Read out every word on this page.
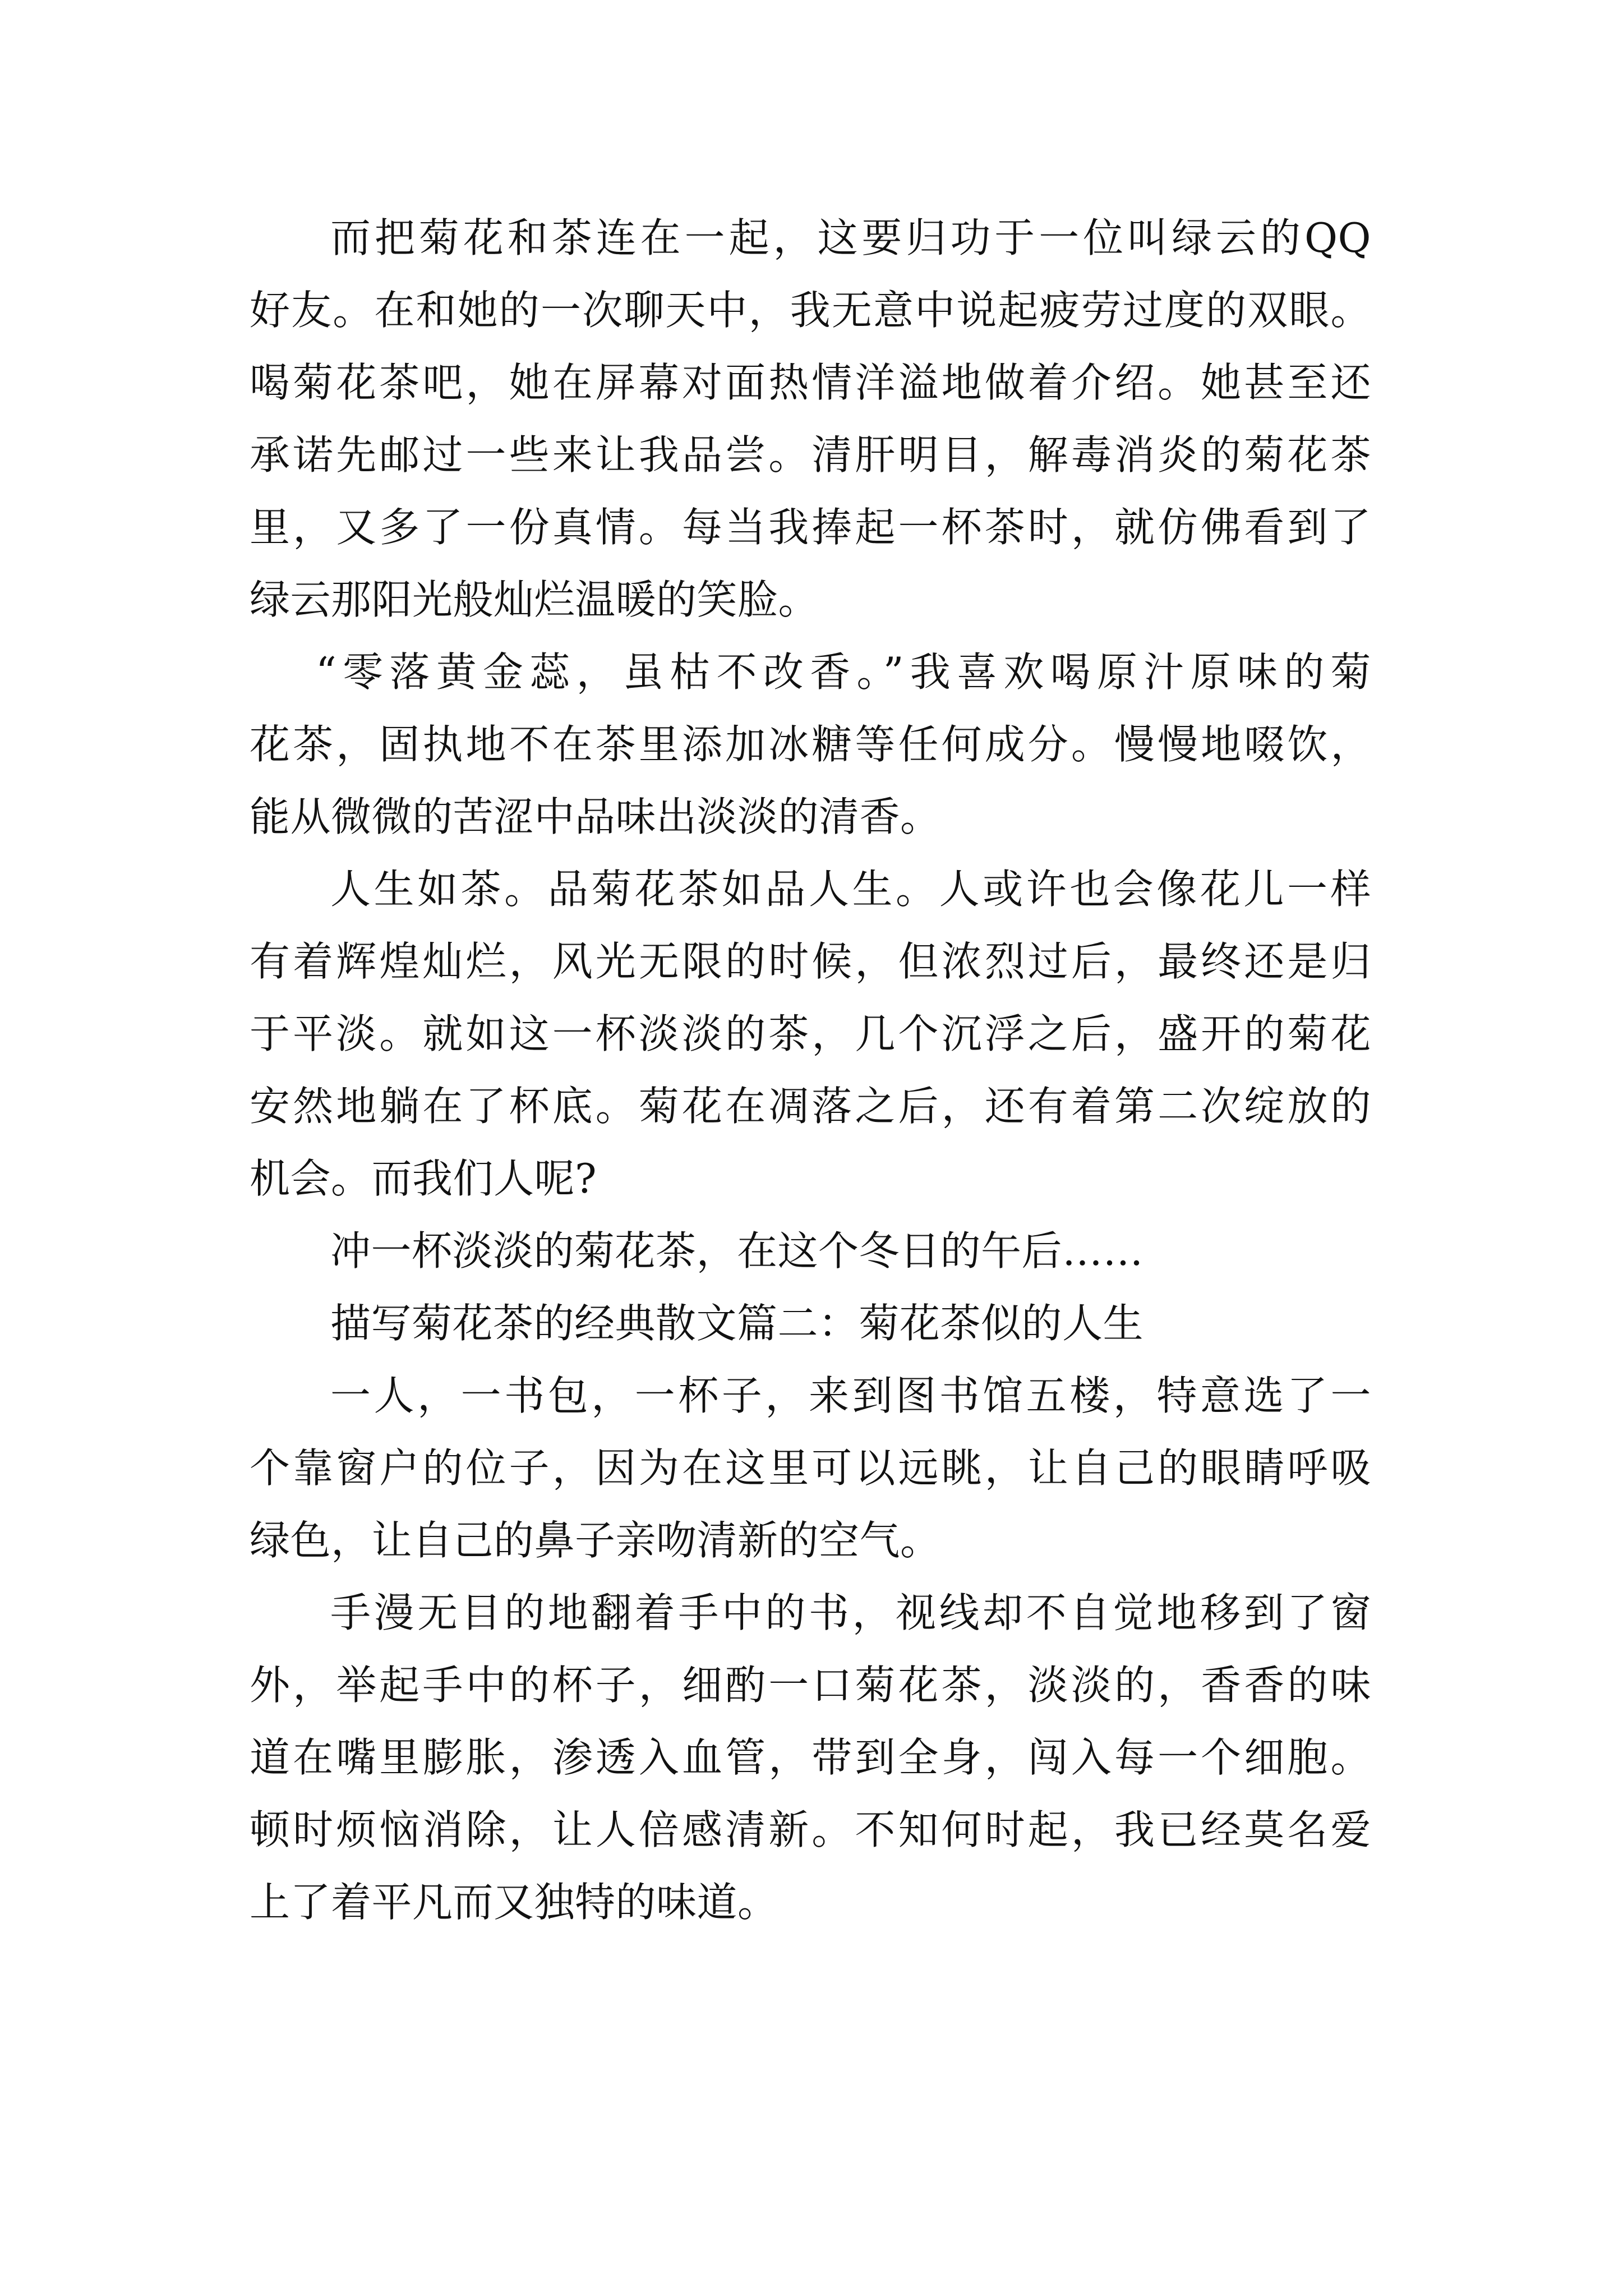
而把菊花和茶连在一起，这要归功于一位叫绿云的QQ
好友。在和她的一次聊天中，我无意中说起疲劳过度的双眼。
喝菊花茶吧，她在屏幕对面热情洋溢地做着介绍。她甚至还
承诺先邮过一些来让我品尝。清肝明目，解毒消炎的菊花茶
里，又多了一份真情。每当我捧起一杯茶时，就仿佛看到了
绿云那阳光般灿烂温暖的笑脸。

“零落黄金蕊，虽枯不改香。”我喜欢喝原汁原味的菊
花茶，固执地不在茶里添加冰糖等任何成分。慢慢地啜饮，
能从微微的苦涩中品味出淡淡的清香。

人生如茶。品菊花茶如品人生。人或许也会像花儿一样
有着辉煌灿烂，风光无限的时候，但浓烈过后，最终还是归
于平淡。就如这一杯淡淡的茶，几个沉浮之后，盛开的菊花
安然地躺在了杯底。菊花在凋落之后，还有着第二次绽放的
机会。而我们人呢?

冲一杯淡淡的菊花茶，在这个冬日的午后……

描写菊花茶的经典散文篇二：菊花茶似的人生

一人，一书包，一杯子，来到图书馆五楼，特意选了一
个靠窗户的位子，因为在这里可以远眺，让自己的眼睛呼吸
绿色，让自己的鼻子亲吻清新的空气。

手漫无目的地翻着手中的书，视线却不自觉地移到了窗
外，举起手中的杯子，细酌一口菊花茶，淡淡的，香香的味
道在嘴里膨胀，渗透入血管，带到全身，闯入每一个细胞。
顿时烦恼消除，让人倍感清新。不知何时起，我已经莫名爱
上了着平凡而又独特的味道。
